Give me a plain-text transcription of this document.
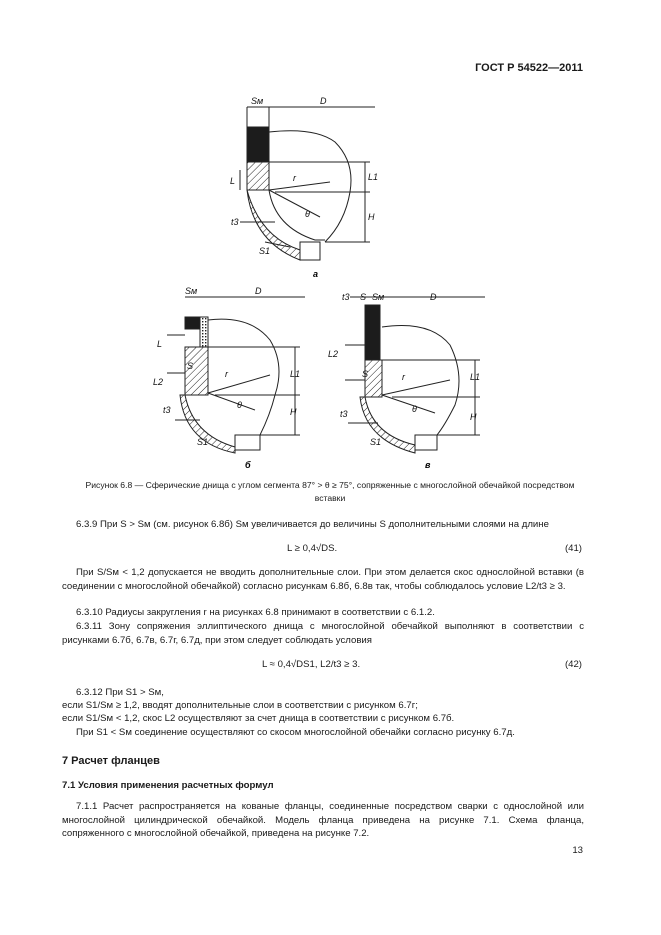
ГОСТ Р 54522—2011
Sм	D
L1
L	r
θ	H
t3
S1
а
Sм	D
L
L2
S
r	L1
θ
H
t3
S1
б
t3 S Sм	D
L2
S	r	L1
θ
H
t3
S1
в
Рисунок 6.8 — Сферические днища с углом сегмента 87° > θ ≥ 75°, сопряженные с многослойной обечайкой посредством вставки
6.3.9 При S > Sм (см. рисунок 6.8б) Sм увеличивается до величины S дополнительными слоями на длине
L ≥ 0,4√DS.	(41)
При S/Sм < 1,2 допускается не вводить дополнительные слои. При этом делается скос однослойной вставки (в соединении с многослойной обечайкой) согласно рисункам 6.8б, 6.8в так, чтобы соблюдалось условие L2/t3 ≥ 3.
6.3.10 Радиусы закругления r на рисунках 6.8 принимают в соответствии с 6.1.2.
6.3.11 Зону сопряжения эллиптического днища с многослойной обечайкой выполняют в соответствии с рисунками 6.7б, 6.7в, 6.7г, 6.7д, при этом следует соблюдать условия
L ≈ 0,4√DS1, L2/t3 ≥ 3.	(42)
6.3.12 При S1 > Sм,
если S1/Sм ≥ 1,2, вводят дополнительные слои в соответствии с рисунком 6.7г;
если S1/Sм < 1,2, скос L2 осуществляют за счет днища в соответствии с рисунком 6.7б.
При S1 < Sм соединение осуществляют со скосом многослойной обечайки согласно рисунку 6.7д.
7 Расчет фланцев
7.1 Условия применения расчетных формул
7.1.1 Расчет распространяется на кованые фланцы, соединенные посредством сварки с однослойной или многослойной цилиндрической обечайкой. Модель фланца приведена на рисунке 7.1. Схема фланца, сопряженного с многослойной обечайкой, приведена на рисунке 7.2.
13
